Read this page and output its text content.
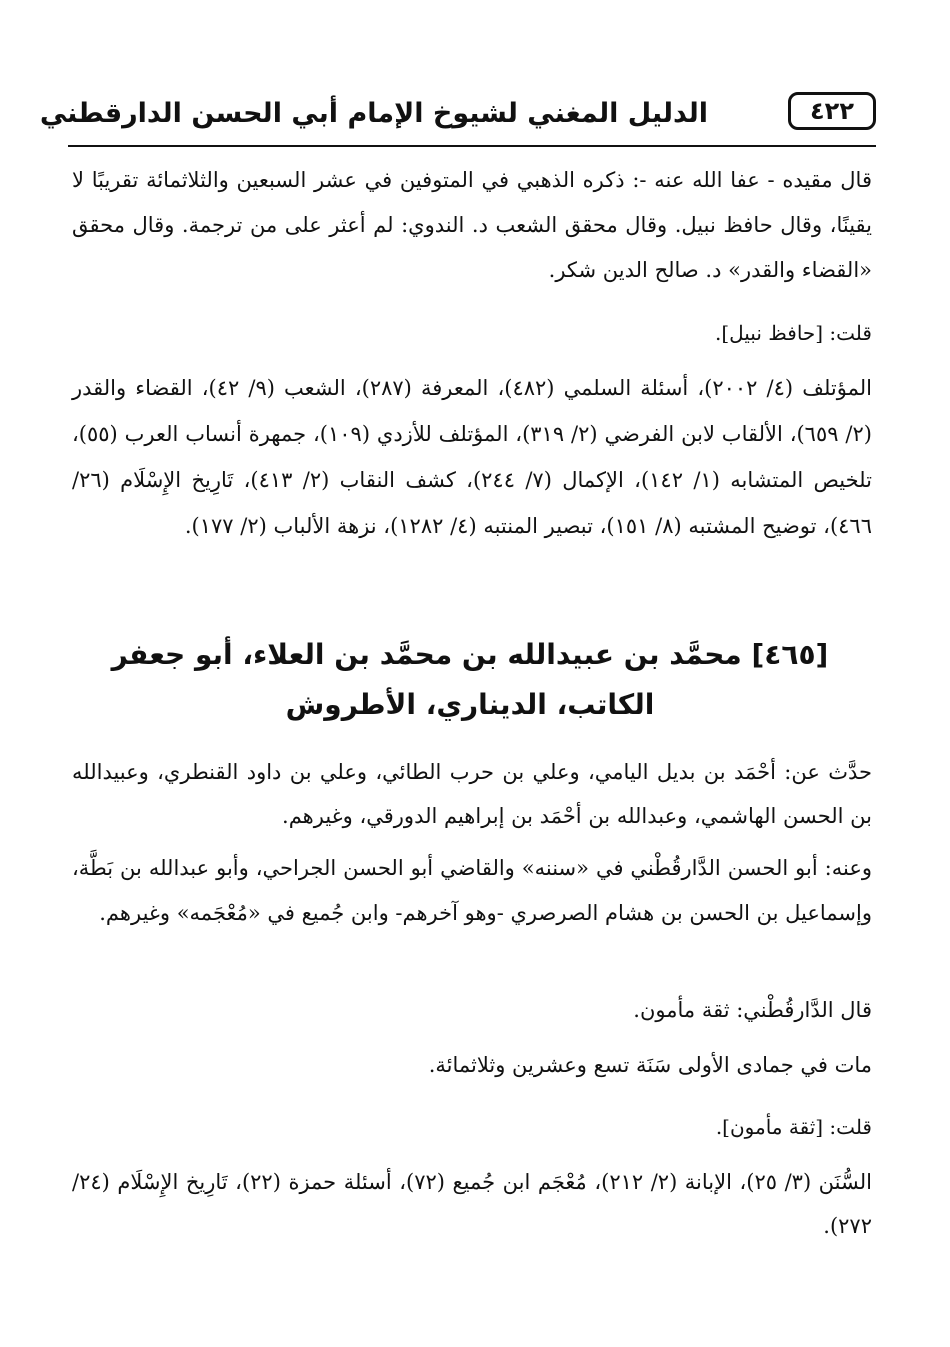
٤٢٢
الدليل المغني لشيوخ الإمام أبي الحسن الدارقطني
قال مقيده - عفا الله عنه -: ذكره الذهبي في المتوفين في عشر السبعين والثلاثمائة تقريبًا لا يقينًا، وقال حافظ نبيل. وقال محقق الشعب د. الندوي: لم أعثر على من ترجمة. وقال محقق «القضاء والقدر» د. صالح الدين شكر.
قلت: [حافظ نبيل].
المؤتلف (٤/ ٢٠٠٢)، أسئلة السلمي (٤٨٢)، المعرفة (٢٨٧)، الشعب (٩/ ٤٢)، القضاء والقدر (٢/ ٦٥٩)، الألقاب لابن الفرضي (٢/ ٣١٩)، المؤتلف للأزدي (١٠٩)، جمهرة أنساب العرب (٥٥)، تلخيص المتشابه (١/ ١٤٢)، الإكمال (٧/ ٢٤٤)، كشف النقاب (٢/ ٤١٣)، تَارِيخ الإِسْلَام (٢٦/ ٤٦٦)، توضيح المشتبه (٨/ ١٥١)، تبصير المنتبه (٤/ ١٢٨٢)، نزهة الألباب (٢/ ١٧٧).
[٤٦٥] محمَّد بن عبيدالله بن محمَّد بن العلاء، أبو جعفر
الكاتب، الديناري، الأطروش
حدَّث عن: أحْمَد بن بديل اليامي، وعلي بن حرب الطائي، وعلي بن داود القنطري، وعبيدالله بن الحسن الهاشمي، وعبدالله بن أحْمَد بن إبراهيم الدورقي، وغيرهم.
وعنه: أبو الحسن الدَّارقُطْني في «سننه» والقاضي أبو الحسن الجراحي، وأبو عبدالله بن بَطَّة، وإسماعيل بن الحسن بن هشام الصرصري -وهو آخرهم- وابن جُميع في «مُعْجَمه» وغيرهم.
قال الدَّارقُطْني: ثقة مأمون.
مات في جمادى الأولى سَنَة تسع وعشرين وثلاثمائة.
قلت: [ثقة مأمون].
السُّنَن (٣/ ٢٥)، الإبانة (٢/ ٢١٢)، مُعْجَم ابن جُميع (٧٢)، أسئلة حمزة (٢٢)، تَارِيخ الإِسْلَام (٢٤/ ٢٧٢).
